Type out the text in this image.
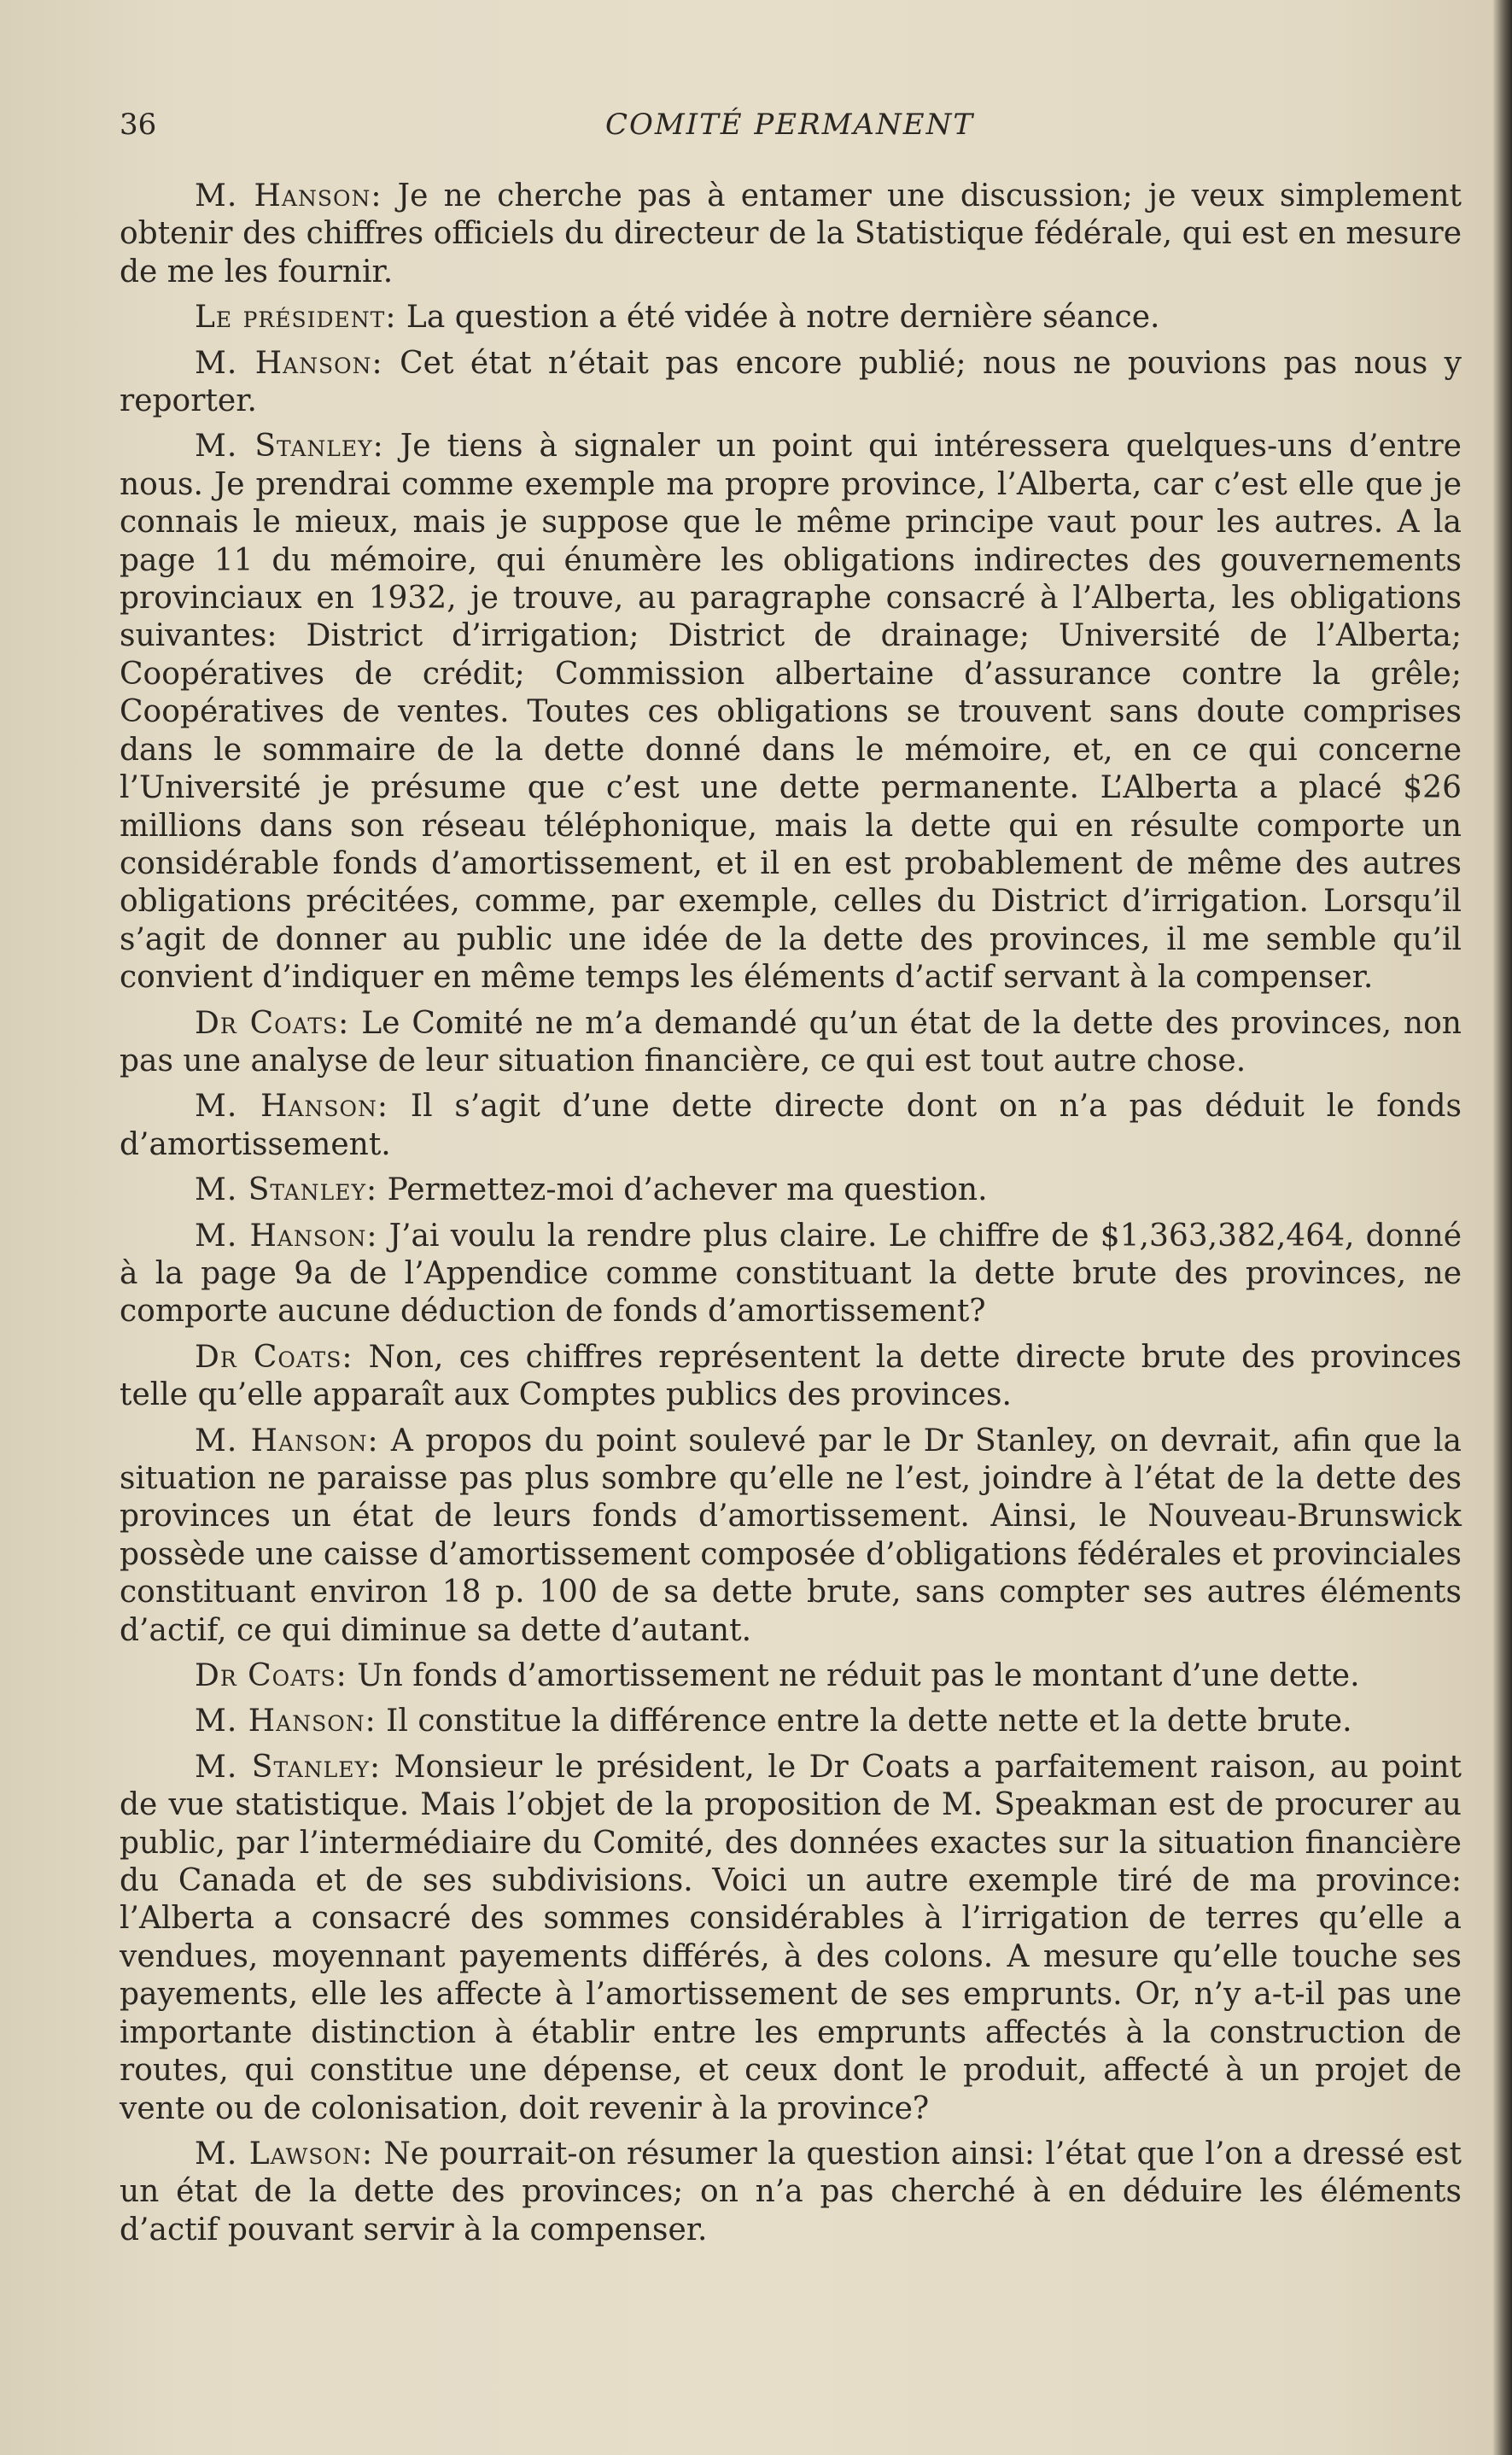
36	COMITÉ PERMANENT

M. Hanson: Je ne cherche pas à entamer une discussion; je veux simplement obtenir des chiffres officiels du directeur de la Statistique fédérale, qui est en mesure de me les fournir.

Le président: La question a été vidée à notre dernière séance.

M. Hanson: Cet état n’était pas encore publié; nous ne pouvions pas nous y reporter.

M. Stanley: Je tiens à signaler un point qui intéressera quelques-uns d’entre nous. Je prendrai comme exemple ma propre province, l’Alberta, car c’est elle que je connais le mieux, mais je suppose que le même principe vaut pour les autres. A la page 11 du mémoire, qui énumère les obligations indirectes des gouvernements provinciaux en 1932, je trouve, au paragraphe consacré à l’Alberta, les obligations suivantes: District d’irrigation; District de drainage; Université de l’Alberta; Coopératives de crédit; Commission albertaine d’assurance contre la grêle; Coopératives de ventes. Toutes ces obligations se trouvent sans doute comprises dans le sommaire de la dette donné dans le mémoire, et, en ce qui concerne l’Université je présume que c’est une dette permanente. L’Alberta a placé $26 millions dans son réseau téléphonique, mais la dette qui en résulte comporte un considérable fonds d’amortissement, et il en est probablement de même des autres obligations précitées, comme, par exemple, celles du District d’irrigation. Lorsqu’il s’agit de donner au public une idée de la dette des provinces, il me semble qu’il convient d’indiquer en même temps les éléments d’actif servant à la compenser.

Dr Coats: Le Comité ne m’a demandé qu’un état de la dette des provinces, non pas une analyse de leur situation financière, ce qui est tout autre chose.

M. Hanson: Il s’agit d’une dette directe dont on n’a pas déduit le fonds d’amortissement.

M. Stanley: Permettez-moi d’achever ma question.

M. Hanson: J’ai voulu la rendre plus claire. Le chiffre de $1,363,382,464, donné à la page 9a de l’Appendice comme constituant la dette brute des provinces, ne comporte aucune déduction de fonds d’amortissement?

Dr Coats: Non, ces chiffres représentent la dette directe brute des provinces telle qu’elle apparaît aux Comptes publics des provinces.

M. Hanson: A propos du point soulevé par le Dr Stanley, on devrait, afin que la situation ne paraisse pas plus sombre qu’elle ne l’est, joindre à l’état de la dette des provinces un état de leurs fonds d’amortissement. Ainsi, le Nouveau-Brunswick possède une caisse d’amortissement composée d’obligations fédérales et provinciales constituant environ 18 p. 100 de sa dette brute, sans compter ses autres éléments d’actif, ce qui diminue sa dette d’autant.

Dr Coats: Un fonds d’amortissement ne réduit pas le montant d’une dette.

M. Hanson: Il constitue la différence entre la dette nette et la dette brute.

M. Stanley: Monsieur le président, le Dr Coats a parfaitement raison, au point de vue statistique. Mais l’objet de la proposition de M. Speakman est de procurer au public, par l’intermédiaire du Comité, des données exactes sur la situation financière du Canada et de ses subdivisions. Voici un autre exemple tiré de ma province: l’Alberta a consacré des sommes considérables à l’irrigation de terres qu’elle a vendues, moyennant payements différés, à des colons. A mesure qu’elle touche ses payements, elle les affecte à l’amortissement de ses emprunts. Or, n’y a-t-il pas une importante distinction à établir entre les emprunts affectés à la construction de routes, qui constitue une dépense, et ceux dont le produit, affecté à un projet de vente ou de colonisation, doit revenir à la province?

M. Lawson: Ne pourrait-on résumer la question ainsi: l’état que l’on a dressé est un état de la dette des provinces; on n’a pas cherché à en déduire les éléments d’actif pouvant servir à la compenser.
